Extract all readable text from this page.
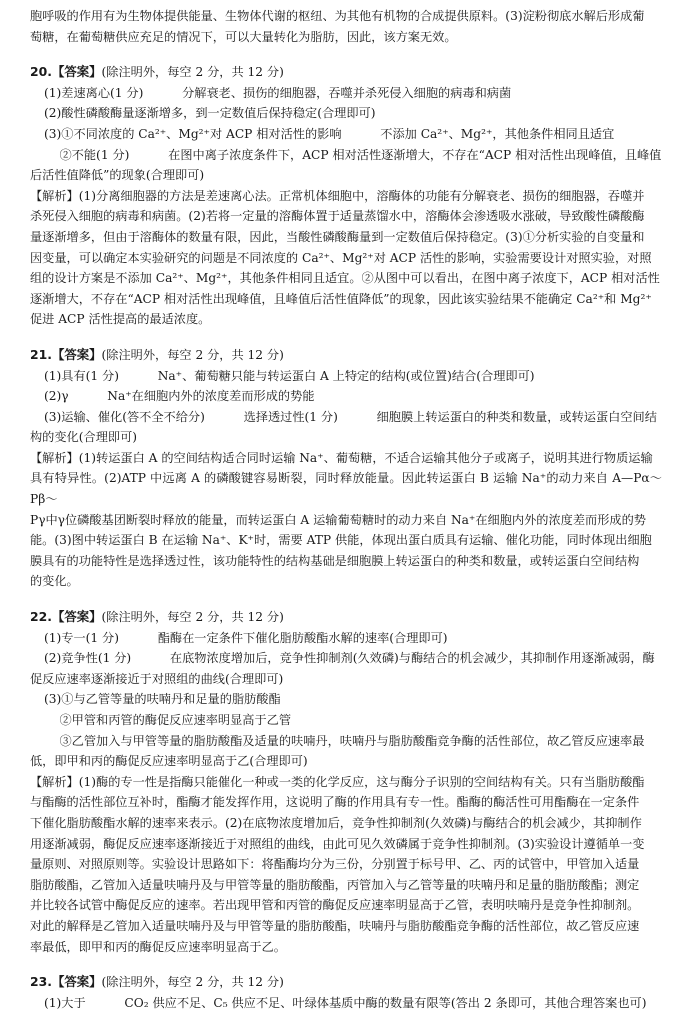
胞呼吸的作用有为生物体提供能量、生物体代谢的枢纽、为其他有机物的合成提供原料。(3)淀粉彻底水解后形成葡

萄糖，在葡萄糖供应充足的情况下，可以大量转化为脂肪，因此，该方案无效。

20.【答案】(除注明外，每空 2 分，共 12 分)

(1)差速离心(1 分)          分解衰老、损伤的细胞器，吞噬并杀死侵入细胞的病毒和病菌

(2)酸性磷酸酶量逐渐增多，到一定数值后保持稳定(合理即可)

(3)①不同浓度的 Ca²⁺、Mg²⁺对 ACP 相对活性的影响          不添加 Ca²⁺、Mg²⁺，其他条件相同且适宜

②不能(1 分)          在图中离子浓度条件下，ACP 相对活性逐渐增大，不存在“ACP 相对活性出现峰值，且峰值

后活性值降低”的现象(合理即可)

【解析】(1)分离细胞器的方法是差速离心法。正常机体细胞中，溶酶体的功能有分解衰老、损伤的细胞器，吞噬并

杀死侵入细胞的病毒和病菌。(2)若将一定量的溶酶体置于适量蒸馏水中，溶酶体会渗透吸水涨破，导致酸性磷酸酶

量逐渐增多，但由于溶酶体的数量有限，因此，当酸性磷酸酶量到一定数值后保持稳定。(3)①分析实验的自变量和

因变量，可以确定本实验研究的问题是不同浓度的 Ca²⁺、Mg²⁺对 ACP 活性的影响，实验需要设计对照实验，对照

组的设计方案是不添加 Ca²⁺、Mg²⁺，其他条件相同且适宜。②从图中可以看出，在图中离子浓度下，ACP 相对活性

逐渐增大，不存在“ACP 相对活性出现峰值，且峰值后活性值降低”的现象，因此该实验结果不能确定 Ca²⁺和 Mg²⁺

促进 ACP 活性提高的最适浓度。

21.【答案】(除注明外，每空 2 分，共 12 分)

(1)具有(1 分)          Na⁺、葡萄糖只能与转运蛋白 A 上特定的结构(或位置)结合(合理即可)

(2)γ          Na⁺在细胞内外的浓度差而形成的势能

(3)运输、催化(答不全不给分)          选择透过性(1 分)          细胞膜上转运蛋白的种类和数量，或转运蛋白空间结

构的变化(合理即可)

【解析】(1)转运蛋白 A 的空间结构适合同时运输 Na⁺、葡萄糖，不适合运输其他分子或离子，说明其进行物质运输

具有特异性。(2)ATP 中远离 A 的磷酸键容易断裂，同时释放能量。因此转运蛋白 B 运输 Na⁺的动力来自 A—Pα～Pβ～

Pγ中γ位磷酸基团断裂时释放的能量，而转运蛋白 A 运输葡萄糖时的动力来自 Na⁺在细胞内外的浓度差而形成的势

能。(3)图中转运蛋白 B 在运输 Na⁺、K⁺时，需要 ATP 供能，体现出蛋白质具有运输、催化功能，同时体现出细胞

膜具有的功能特性是选择透过性，该功能特性的结构基础是细胞膜上转运蛋白的种类和数量，或转运蛋白空间结构

的变化。

22.【答案】(除注明外，每空 2 分，共 12 分)

(1)专一(1 分)          酯酶在一定条件下催化脂肪酸酯水解的速率(合理即可)

(2)竞争性(1 分)          在底物浓度增加后，竞争性抑制剂(久效磷)与酶结合的机会减少，其抑制作用逐渐减弱，酶

促反应速率逐渐接近于对照组的曲线(合理即可)

(3)①与乙管等量的呋喃丹和足量的脂肪酸酯

②甲管和丙管的酶促反应速率明显高于乙管

③乙管加入与甲管等量的脂肪酸酯及适量的呋喃丹，呋喃丹与脂肪酸酯竞争酶的活性部位，故乙管反应速率最

低，即甲和丙的酶促反应速率明显高于乙(合理即可)

【解析】(1)酶的专一性是指酶只能催化一种或一类的化学反应，这与酶分子识别的空间结构有关。只有当脂肪酸酯

与酯酶的活性部位互补时，酯酶才能发挥作用，这说明了酶的作用具有专一性。酯酶的酶活性可用酯酶在一定条件

下催化脂肪酸酯水解的速率来表示。(2)在底物浓度增加后，竞争性抑制剂(久效磷)与酶结合的机会减少，其抑制作

用逐渐减弱，酶促反应速率逐渐接近于对照组的曲线，由此可见久效磷属于竞争性抑制剂。(3)实验设计遵循单一变

量原则、对照原则等。实验设计思路如下：将酯酶均分为三份，分别置于标号甲、乙、丙的试管中，甲管加入适量

脂肪酸酯，乙管加入适量呋喃丹及与甲管等量的脂肪酸酯，丙管加入与乙管等量的呋喃丹和足量的脂肪酸酯；测定

并比较各试管中酶促反应的速率。若出现甲管和丙管的酶促反应速率明显高于乙管，表明呋喃丹是竞争性抑制剂。

对此的解释是乙管加入适量呋喃丹及与甲管等量的脂肪酸酯，呋喃丹与脂肪酸酯竞争酶的活性部位，故乙管反应速

率最低，即甲和丙的酶促反应速率明显高于乙。

23.【答案】(除注明外，每空 2 分，共 12 分)

(1)大于          CO₂ 供应不足、C₅ 供应不足、叶绿体基质中酶的数量有限等(答出 2 条即可，其他合理答案也可)
